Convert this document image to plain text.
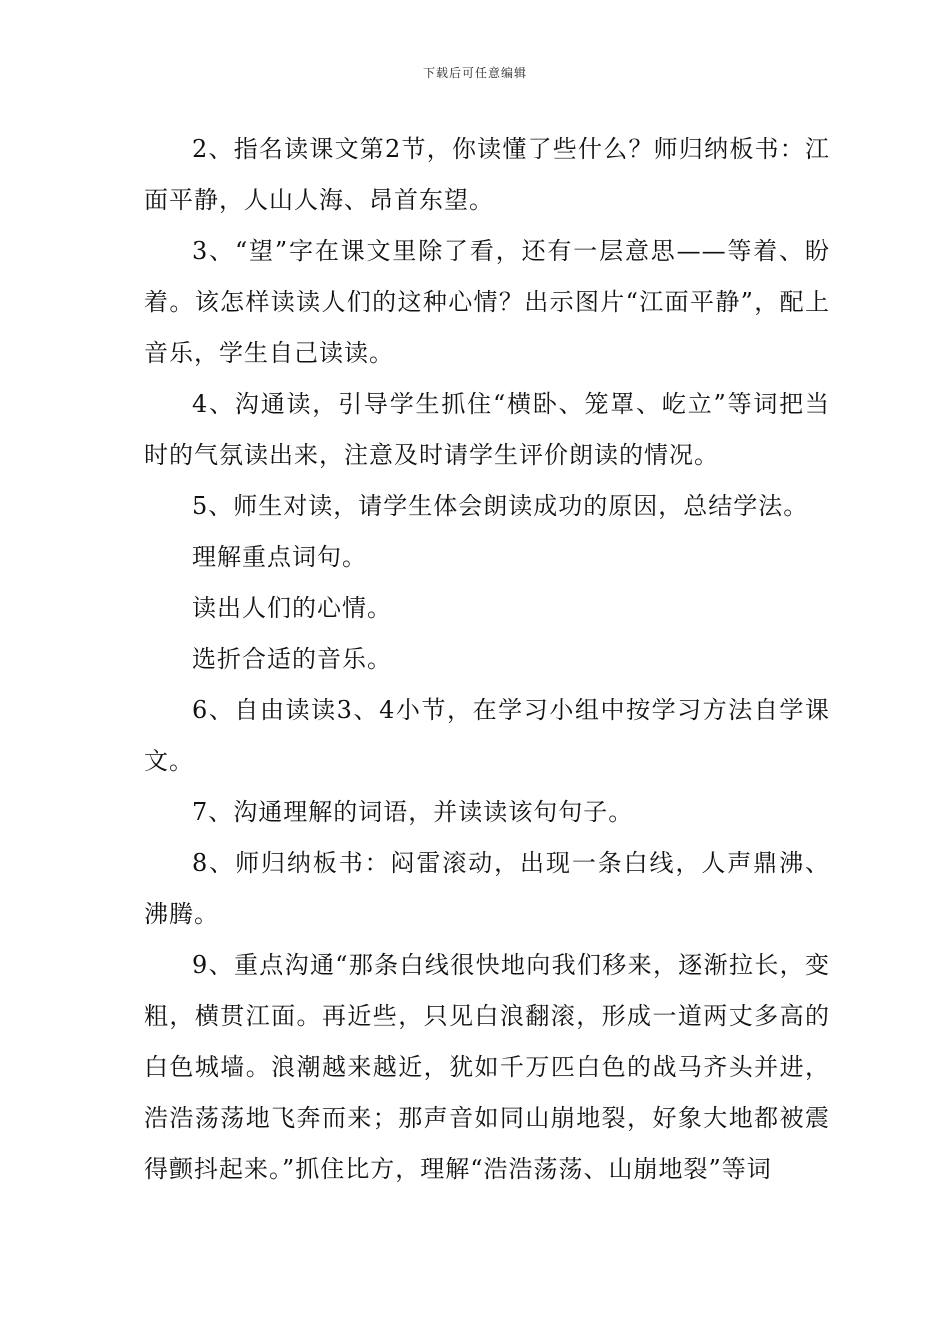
下载后可任意编辑

2、指名读课文第2节，你读懂了些什么？师归纳板书：江面平静，人山人海、昂首东望。

3、“望”字在课文里除了看，还有一层意思——等着、盼着。该怎样读读人们的这种心情？出示图片“江面平静”，配上音乐，学生自己读读。

4、沟通读，引导学生抓住“横卧、笼罩、屹立”等词把当时的气氛读出来，注意及时请学生评价朗读的情况。

5、师生对读，请学生体会朗读成功的原因，总结学法。

理解重点词句。

读出人们的心情。

选折合适的音乐。

6、自由读读3、4小节，在学习小组中按学习方法自学课文。

7、沟通理解的词语，并读读该句句子。

8、师归纳板书：闷雷滚动，出现一条白线，人声鼎沸、沸腾。

9、重点沟通“那条白线很快地向我们移来，逐渐拉长，变粗，横贯江面。再近些，只见白浪翻滚，形成一道两丈多高的白色城墙。浪潮越来越近，犹如千万匹白色的战马齐头并进，浩浩荡荡地飞奔而来；那声音如同山崩地裂，好象大地都被震得颤抖起来。”抓住比方，理解“浩浩荡荡、山崩地裂”等词
